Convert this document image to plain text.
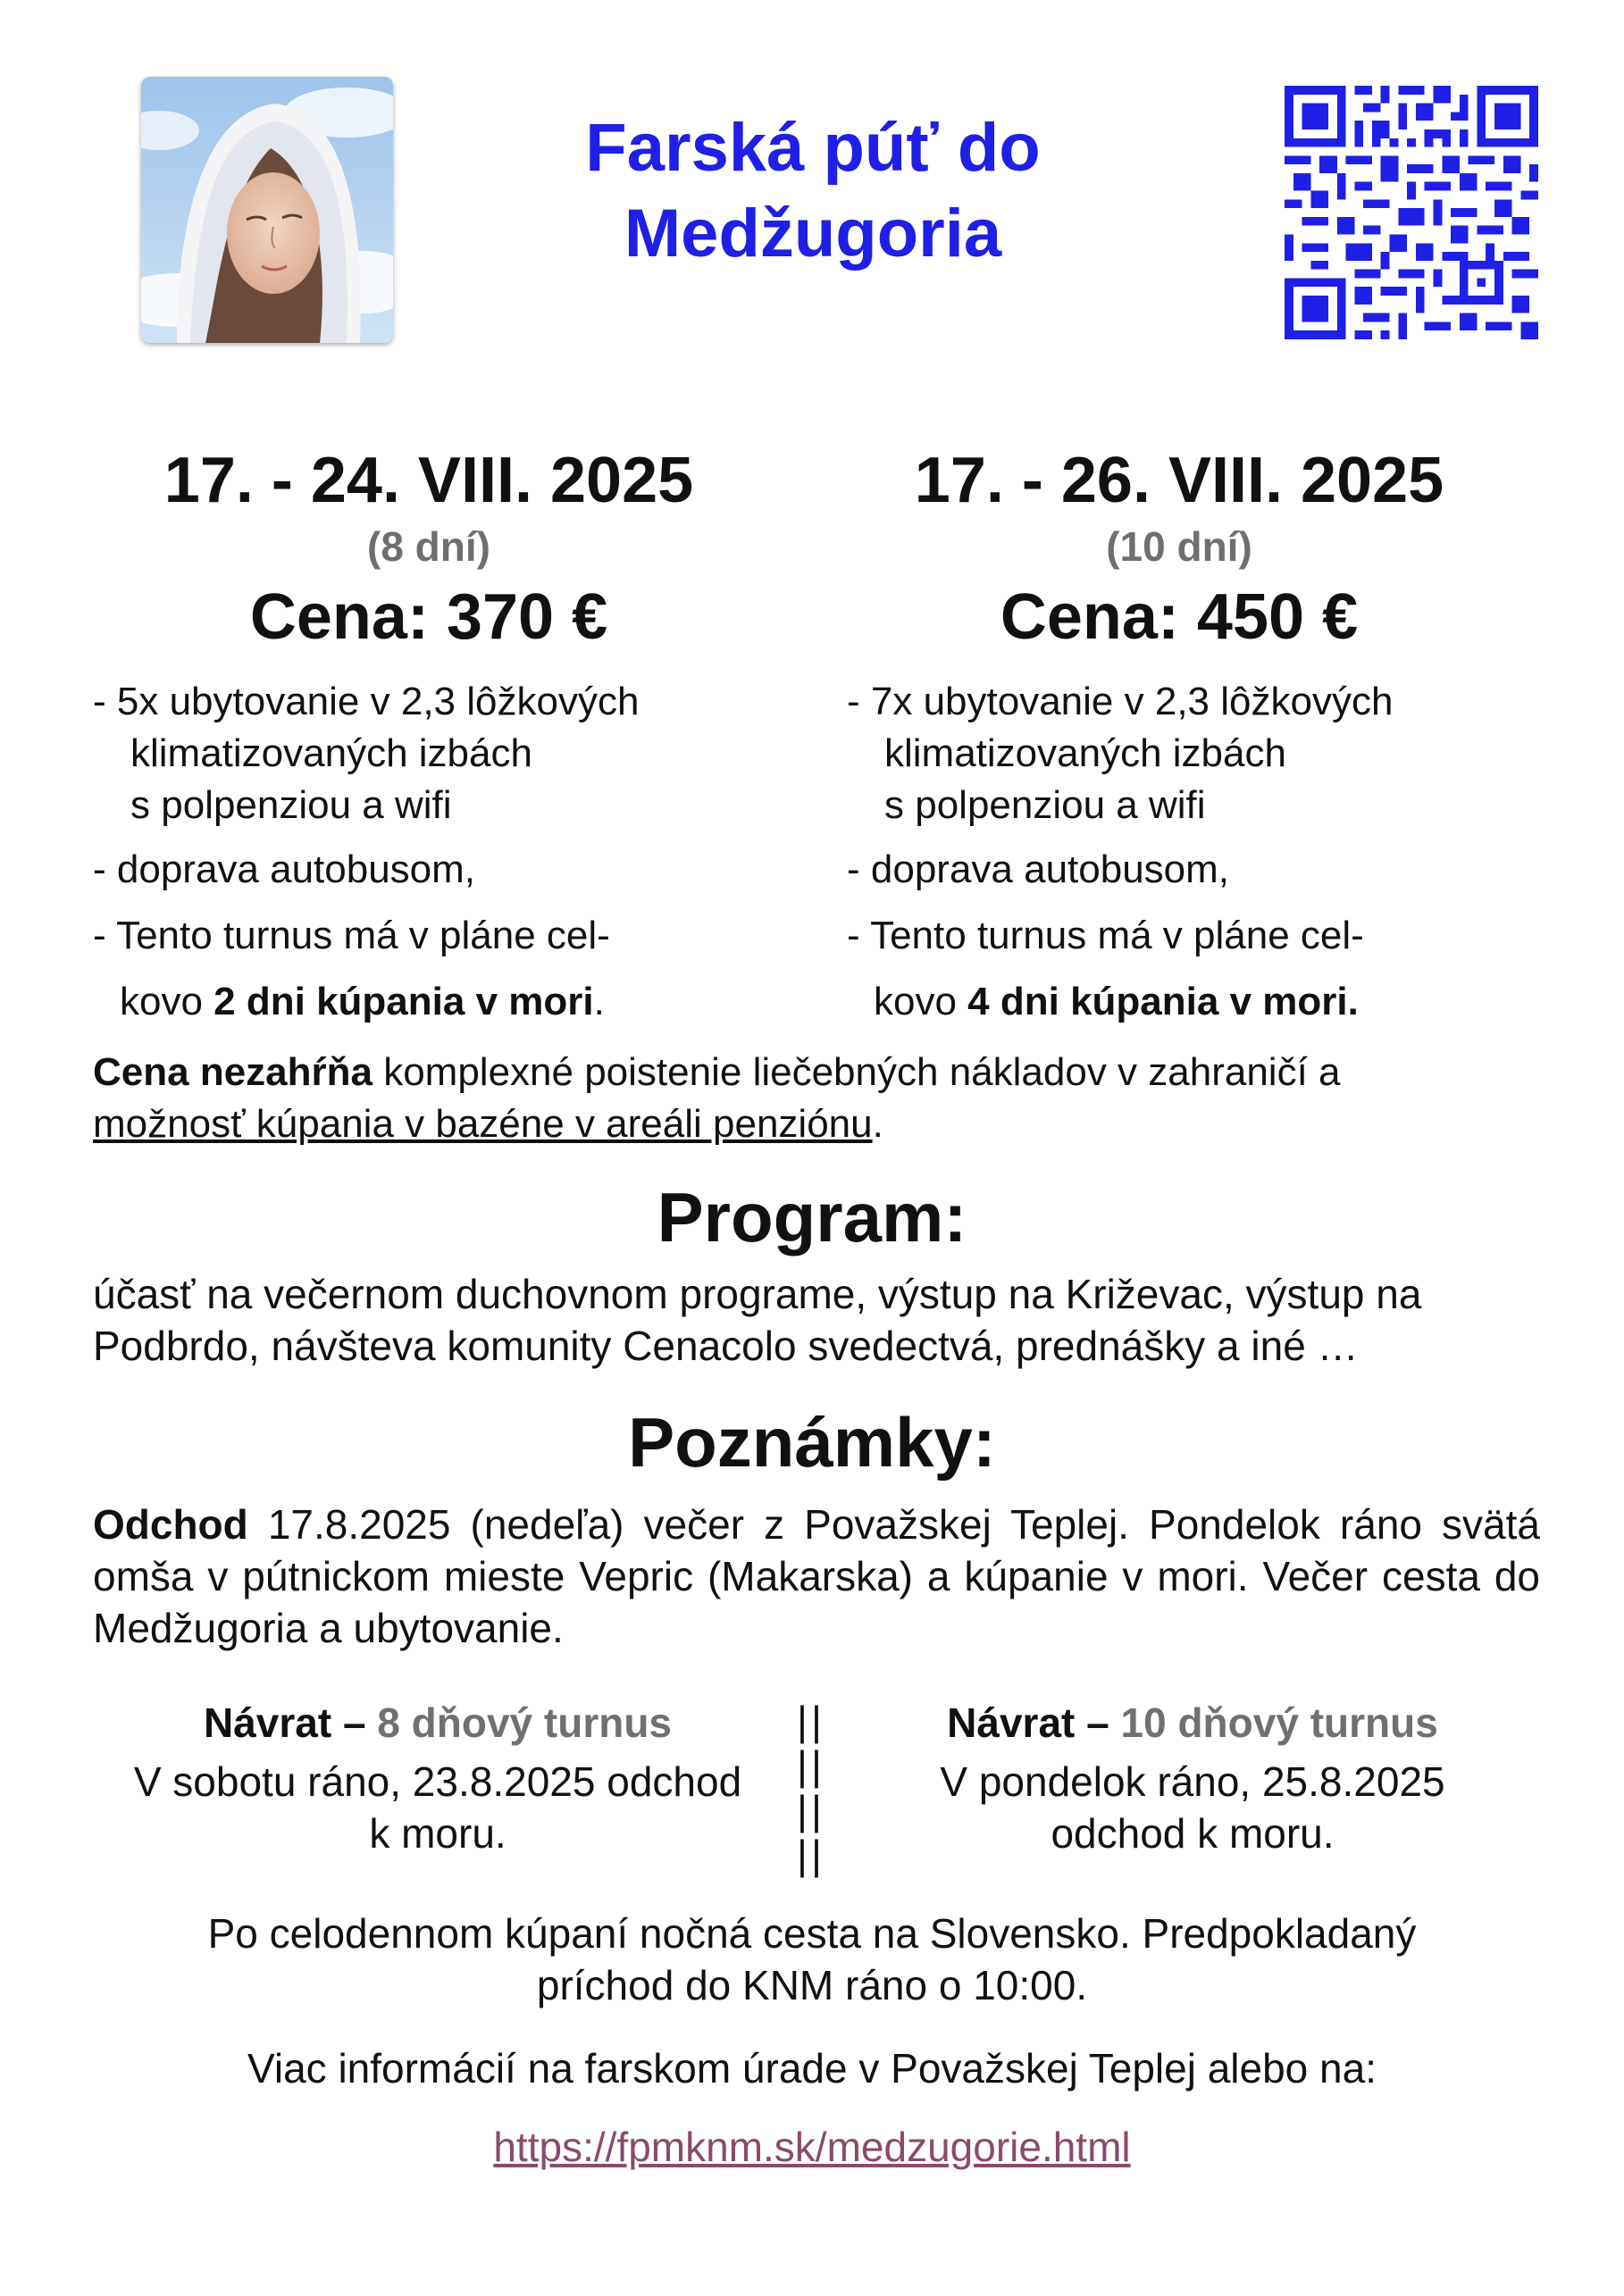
Farská púť do
Medžugoria
17. - 24. VIII. 2025
(8 dní)
Cena: 370 €
- 5x ubytovanie v 2,3 lôžkových
klimatizovaných izbách
s polpenziou a wifi
- doprava autobusom,
- Tento turnus má v pláne cel-
kovo 2 dni kúpania v mori.
17. - 26. VIII. 2025
(10 dní)
Cena: 450 €
- 7x ubytovanie v 2,3 lôžkových
klimatizovaných izbách
s polpenziou a wifi
- doprava autobusom,
- Tento turnus má v pláne cel-
kovo 4 dni kúpania v mori.
Cena nezahŕňa komplexné poistenie liečebných nákladov v zahraničí a
možnosť kúpania v bazéne v areáli penziónu.
Program:
účasť na večernom duchovnom programe, výstup na Križevac, výstup na Podbrdo, návšteva komunity Cenacolo svedectvá, prednášky a iné …
Poznámky:
Odchod 17.8.2025 (nedeľa) večer z Považskej Teplej. Pondelok ráno svätá omša v pútnickom mieste Vepric (Makarska) a kúpanie v mori. Večer cesta do Medžugoria a ubytovanie.
Návrat – 8 dňový turnus
V sobotu ráno, 23.8.2025 odchod
k moru.
||
||
||
||
Návrat – 10 dňový turnus
V pondelok ráno, 25.8.2025
odchod k moru.
Po celodennom kúpaní nočná cesta na Slovensko. Predpokladaný
príchod do KNM ráno o 10:00.
Viac informácií na farskom úrade v Považskej Teplej alebo na:
https://fpmknm.sk/medzugorie.html
